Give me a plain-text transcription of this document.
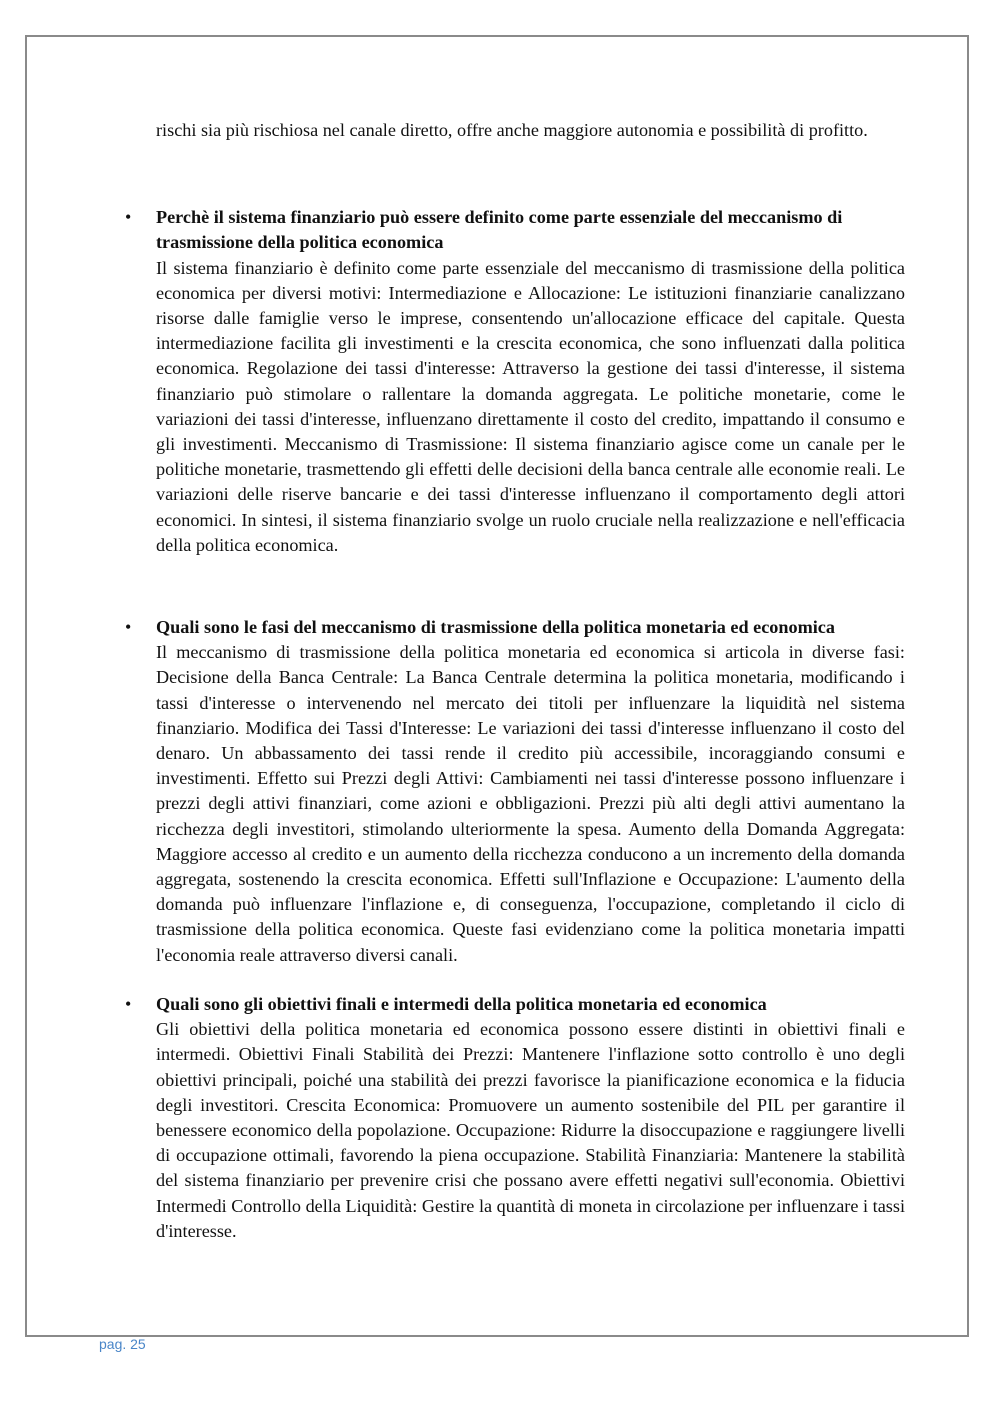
rischi sia più rischiosa nel canale diretto, offre anche maggiore autonomia e possibilità di profitto.

• Perchè il sistema finanziario può essere definito come parte essenziale del meccanismo di trasmissione della politica economica

Il sistema finanziario è definito come parte essenziale del meccanismo di trasmissione della politica economica per diversi motivi: Intermediazione e Allocazione: Le istituzioni finanziarie canalizzano risorse dalle famiglie verso le imprese, consentendo un'allocazione efficace del capitale. Questa intermediazione facilita gli investimenti e la crescita economica, che sono influenzati dalla politica economica. Regolazione dei tassi d'interesse: Attraverso la gestione dei tassi d'interesse, il sistema finanziario può stimolare o rallentare la domanda aggregata. Le politiche monetarie, come le variazioni dei tassi d'interesse, influenzano direttamente il costo del credito, impattando il consumo e gli investimenti. Meccanismo di Trasmissione: Il sistema finanziario agisce come un canale per le politiche monetarie, trasmettendo gli effetti delle decisioni della banca centrale alle economie reali. Le variazioni delle riserve bancarie e dei tassi d'interesse influenzano il comportamento degli attori economici. In sintesi, il sistema finanziario svolge un ruolo cruciale nella realizzazione e nell'efficacia della politica economica.

• Quali sono le fasi del meccanismo di trasmissione della politica monetaria ed economica

Il meccanismo di trasmissione della politica monetaria ed economica si articola in diverse fasi: Decisione della Banca Centrale: La Banca Centrale determina la politica monetaria, modificando i tassi d'interesse o intervenendo nel mercato dei titoli per influenzare la liquidità nel sistema finanziario. Modifica dei Tassi d'Interesse: Le variazioni dei tassi d'interesse influenzano il costo del denaro. Un abbassamento dei tassi rende il credito più accessibile, incoraggiando consumi e investimenti. Effetto sui Prezzi degli Attivi: Cambiamenti nei tassi d'interesse possono influenzare i prezzi degli attivi finanziari, come azioni e obbligazioni. Prezzi più alti degli attivi aumentano la ricchezza degli investitori, stimolando ulteriormente la spesa. Aumento della Domanda Aggregata: Maggiore accesso al credito e un aumento della ricchezza conducono a un incremento della domanda aggregata, sostenendo la crescita economica. Effetti sull'Inflazione e Occupazione: L'aumento della domanda può influenzare l'inflazione e, di conseguenza, l'occupazione, completando il ciclo di trasmissione della politica economica. Queste fasi evidenziano come la politica monetaria impatti l'economia reale attraverso diversi canali.

• Quali sono gli obiettivi finali e intermedi della politica monetaria ed economica

Gli obiettivi della politica monetaria ed economica possono essere distinti in obiettivi finali e intermedi. Obiettivi Finali Stabilità dei Prezzi: Mantenere l'inflazione sotto controllo è uno degli obiettivi principali, poiché una stabilità dei prezzi favorisce la pianificazione economica e la fiducia degli investitori. Crescita Economica: Promuovere un aumento sostenibile del PIL per garantire il benessere economico della popolazione. Occupazione: Ridurre la disoccupazione e raggiungere livelli di occupazione ottimali, favorendo la piena occupazione. Stabilità Finanziaria: Mantenere la stabilità del sistema finanziario per prevenire crisi che possano avere effetti negativi sull'economia. Obiettivi Intermedi Controllo della Liquidità: Gestire la quantità di moneta in circolazione per influenzare i tassi d'interesse.

pag. 25
